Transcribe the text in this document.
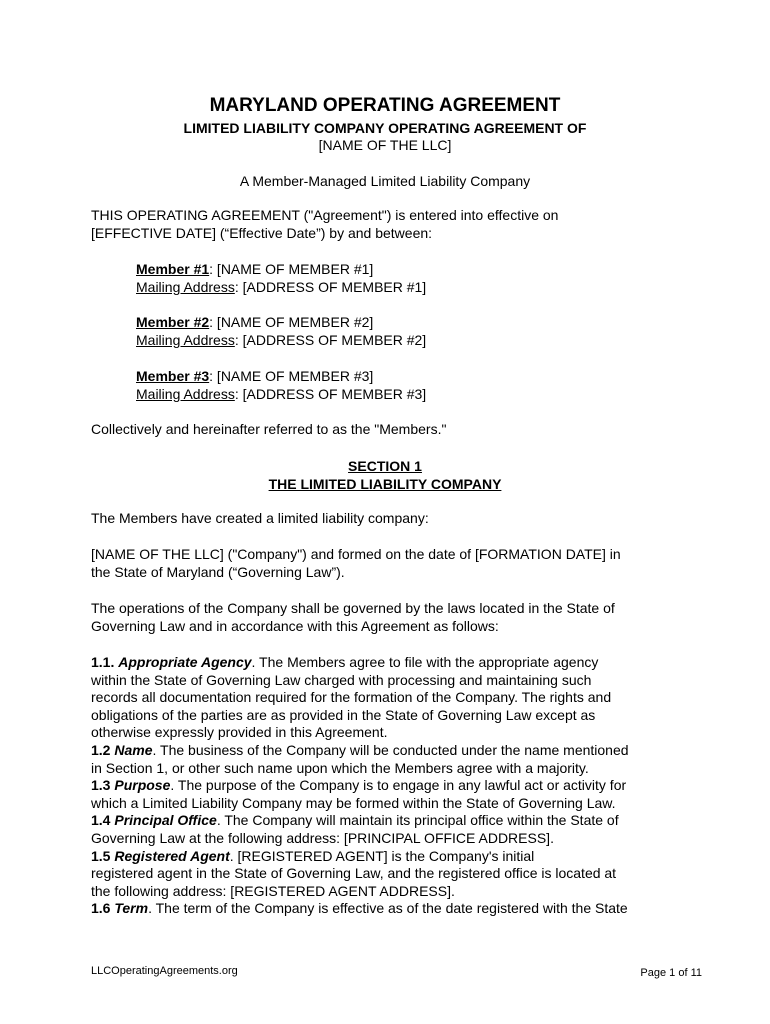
MARYLAND OPERATING AGREEMENT
LIMITED LIABILITY COMPANY OPERATING AGREEMENT OF
[NAME OF THE LLC]
A Member-Managed Limited Liability Company
THIS OPERATING AGREEMENT ("Agreement") is entered into effective on
[EFFECTIVE DATE] (“Effective Date”) by and between:
Member #1: [NAME OF MEMBER #1]
Mailing Address: [ADDRESS OF MEMBER #1]
Member #2: [NAME OF MEMBER #2]
Mailing Address: [ADDRESS OF MEMBER #2]
Member #3: [NAME OF MEMBER #3]
Mailing Address: [ADDRESS OF MEMBER #3]
Collectively and hereinafter referred to as the "Members."
SECTION 1
THE LIMITED LIABILITY COMPANY
The Members have created a limited liability company:
[NAME OF THE LLC] ("Company") and formed on the date of [FORMATION DATE] in
the State of Maryland (“Governing Law”).
The operations of the Company shall be governed by the laws located in the State of
Governing Law and in accordance with this Agreement as follows:
1.1. Appropriate Agency. The Members agree to file with the appropriate agency
within the State of Governing Law charged with processing and maintaining such
records all documentation required for the formation of the Company. The rights and
obligations of the parties are as provided in the State of Governing Law except as
otherwise expressly provided in this Agreement.
1.2 Name. The business of the Company will be conducted under the name mentioned
in Section 1, or other such name upon which the Members agree with a majority.
1.3 Purpose. The purpose of the Company is to engage in any lawful act or activity for
which a Limited Liability Company may be formed within the State of Governing Law.
1.4 Principal Office. The Company will maintain its principal office within the State of
Governing Law at the following address: [PRINCIPAL OFFICE ADDRESS].
1.5 Registered Agent. [REGISTERED AGENT] is the Company's initial
registered agent in the State of Governing Law, and the registered office is located at
the following address: [REGISTERED AGENT ADDRESS].
1.6 Term. The term of the Company is effective as of the date registered with the State
LLCOperatingAgreements.org	Page 1 of 11
